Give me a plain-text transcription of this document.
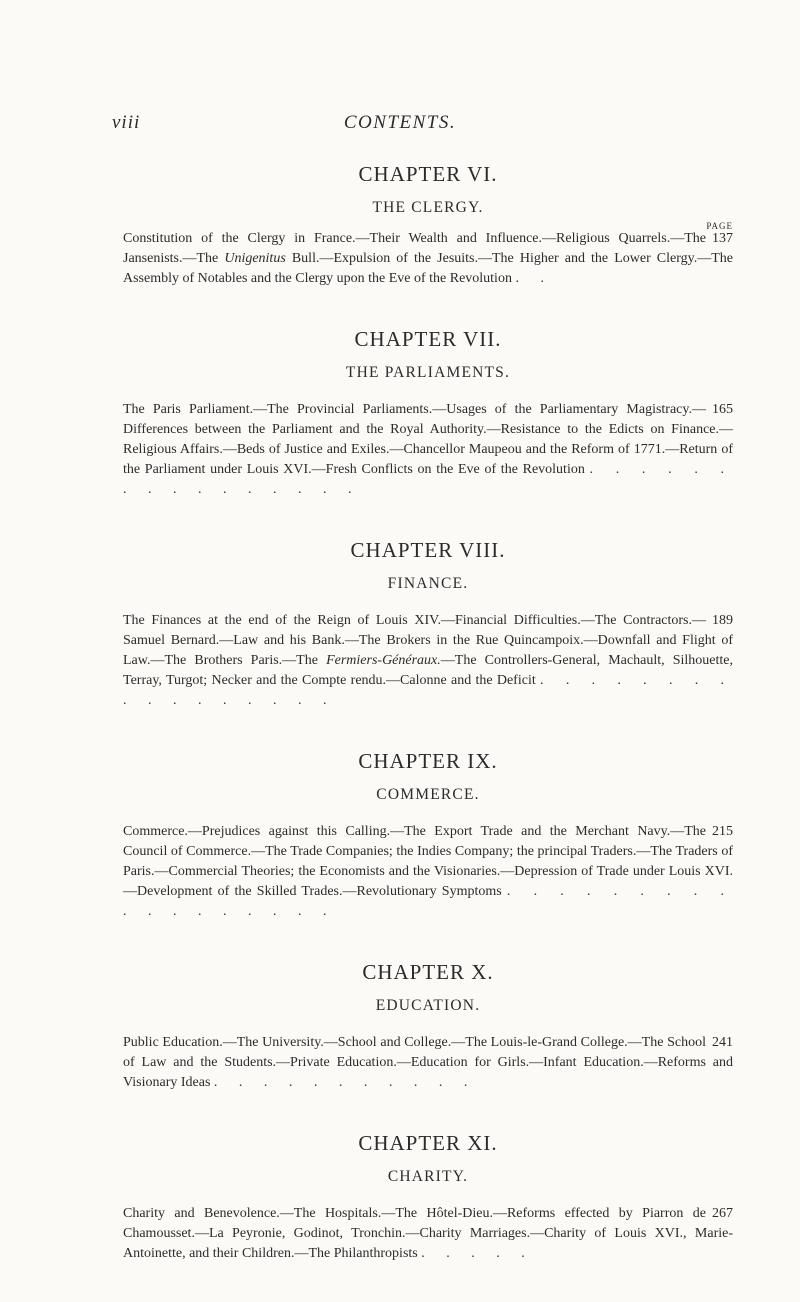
viii	CONTENTS.
CHAPTER VI.
THE CLERGY.
PAGE
137
Constitution of the Clergy in France.—Their Wealth and Influence.—Religious Quarrels.—The Jansenists.—The Unigenitus Bull.—Expulsion of the Jesuits.—The Higher and the Lower Clergy.—The Assembly of Notables and the Clergy upon the Eve of the Revolution . .
CHAPTER VII.
THE PARLIAMENTS.
165
The Paris Parliament.—The Provincial Parliaments.—Usages of the Parliamentary Magistracy.—Differences between the Parliament and the Royal Authority.—Resistance to the Edicts on Finance.—Religious Affairs.—Beds of Justice and Exiles.—Chancellor Maupeou and the Reform of 1771.—Return of the Parliament under Louis XVI.—Fresh Conflicts on the Eve of the Revolution . . . . . . . . . . . . . . . .
CHAPTER VIII.
FINANCE.
189
The Finances at the end of the Reign of Louis XIV.—Financial Difficulties.—The Contractors.—Samuel Bernard.—Law and his Bank.—The Brokers in the Rue Quincampoix.—Downfall and Flight of Law.—The Brothers Paris.—The Fermiers-Généraux.—The Controllers-General, Machault, Silhouette, Terray, Turgot; Necker and the Compte rendu.—Calonne and the Deficit . . . . . . . . . . . . . . . . .
CHAPTER IX.
COMMERCE.
215
Commerce.—Prejudices against this Calling.—The Export Trade and the Merchant Navy.—The Council of Commerce.—The Trade Companies; the Indies Company; the principal Traders.—The Traders of Paris.—Commercial Theories; the Economists and the Visionaries.—Depression of Trade under Louis XVI.—Development of the Skilled Trades.—Revolutionary Symptoms . . . . . . . . . . . . . . . . . .
CHAPTER X.
EDUCATION.
241
Public Education.—The University.—School and College.—The Louis-le-Grand College.—The School of Law and the Students.—Private Education.—Education for Girls.—Infant Education.—Reforms and Visionary Ideas . . . . . . . . . . .
CHAPTER XI.
CHARITY.
267
Charity and Benevolence.—The Hospitals.—The Hôtel-Dieu.—Reforms effected by Piarron de Chamousset.—La Peyronie, Godinot, Tronchin.—Charity Marriages.—Charity of Louis XVI., Marie-Antoinette, and their Children.—The Philanthropists . . . . .
